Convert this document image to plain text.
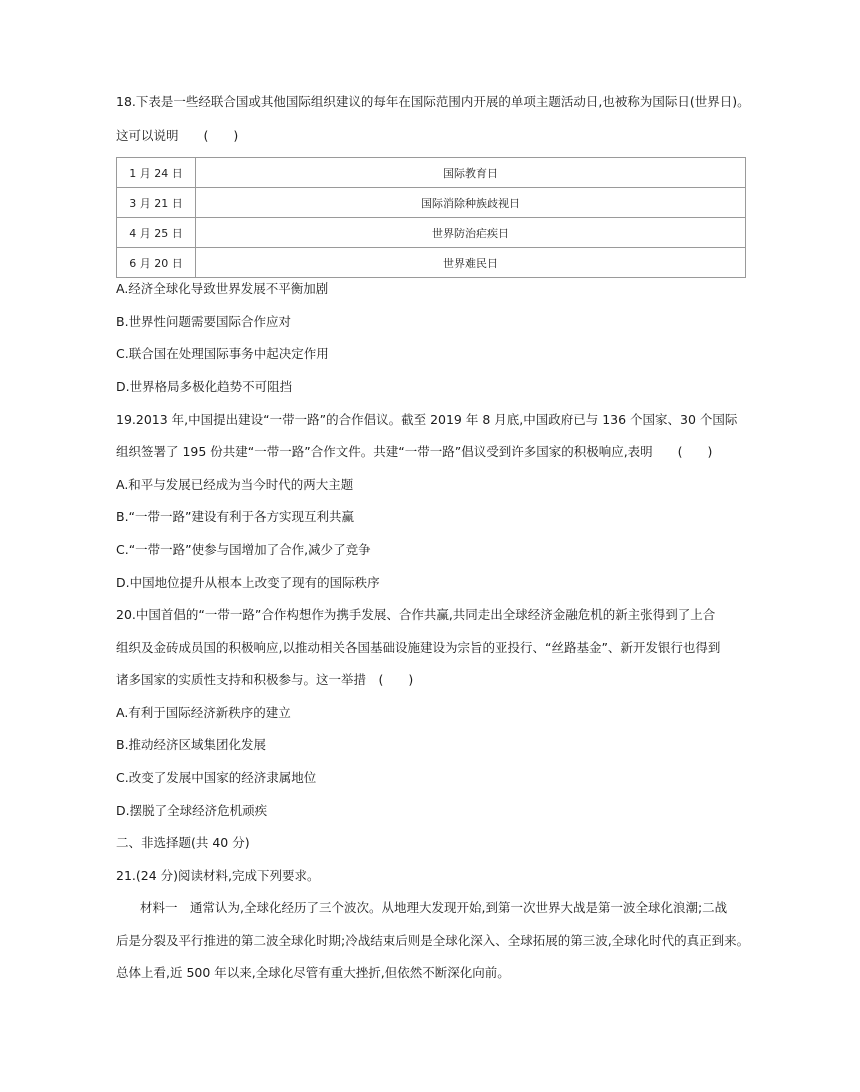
18.下表是一些经联合国或其他国际组织建议的每年在国际范围内开展的单项主题活动日,也被称为国际日(世界日)。
这可以说明　　(　　)
1 月 24 日	国际教育日
3 月 21 日	国际消除种族歧视日
4 月 25 日	世界防治疟疾日
6 月 20 日	世界难民日
A.经济全球化导致世界发展不平衡加剧
B.世界性问题需要国际合作应对
C.联合国在处理国际事务中起决定作用
D.世界格局多极化趋势不可阻挡
19.2013 年,中国提出建设“一带一路”的合作倡议。截至 2019 年 8 月底,中国政府已与 136 个国家、30 个国际
组织签署了 195 份共建“一带一路”合作文件。共建“一带一路”倡议受到许多国家的积极响应,表明　　(　　)
A.和平与发展已经成为当今时代的两大主题
B.“一带一路”建设有利于各方实现互利共赢
C.“一带一路”使参与国增加了合作,减少了竞争
D.中国地位提升从根本上改变了现有的国际秩序
20.中国首倡的“一带一路”合作构想作为携手发展、合作共赢,共同走出全球经济金融危机的新主张得到了上合
组织及金砖成员国的积极响应,以推动相关各国基础设施建设为宗旨的亚投行、“丝路基金”、新开发银行也得到
诸多国家的实质性支持和积极参与。这一举措　(　　)
A.有利于国际经济新秩序的建立
B.推动经济区域集团化发展
C.改变了发展中国家的经济隶属地位
D.摆脱了全球经济危机顽疾
二、非选择题(共 40 分)
21.(24 分)阅读材料,完成下列要求。
材料一　通常认为,全球化经历了三个波次。从地理大发现开始,到第一次世界大战是第一波全球化浪潮;二战
后是分裂及平行推进的第二波全球化时期;冷战结束后则是全球化深入、全球拓展的第三波,全球化时代的真正到来。
总体上看,近 500 年以来,全球化尽管有重大挫折,但依然不断深化向前。
